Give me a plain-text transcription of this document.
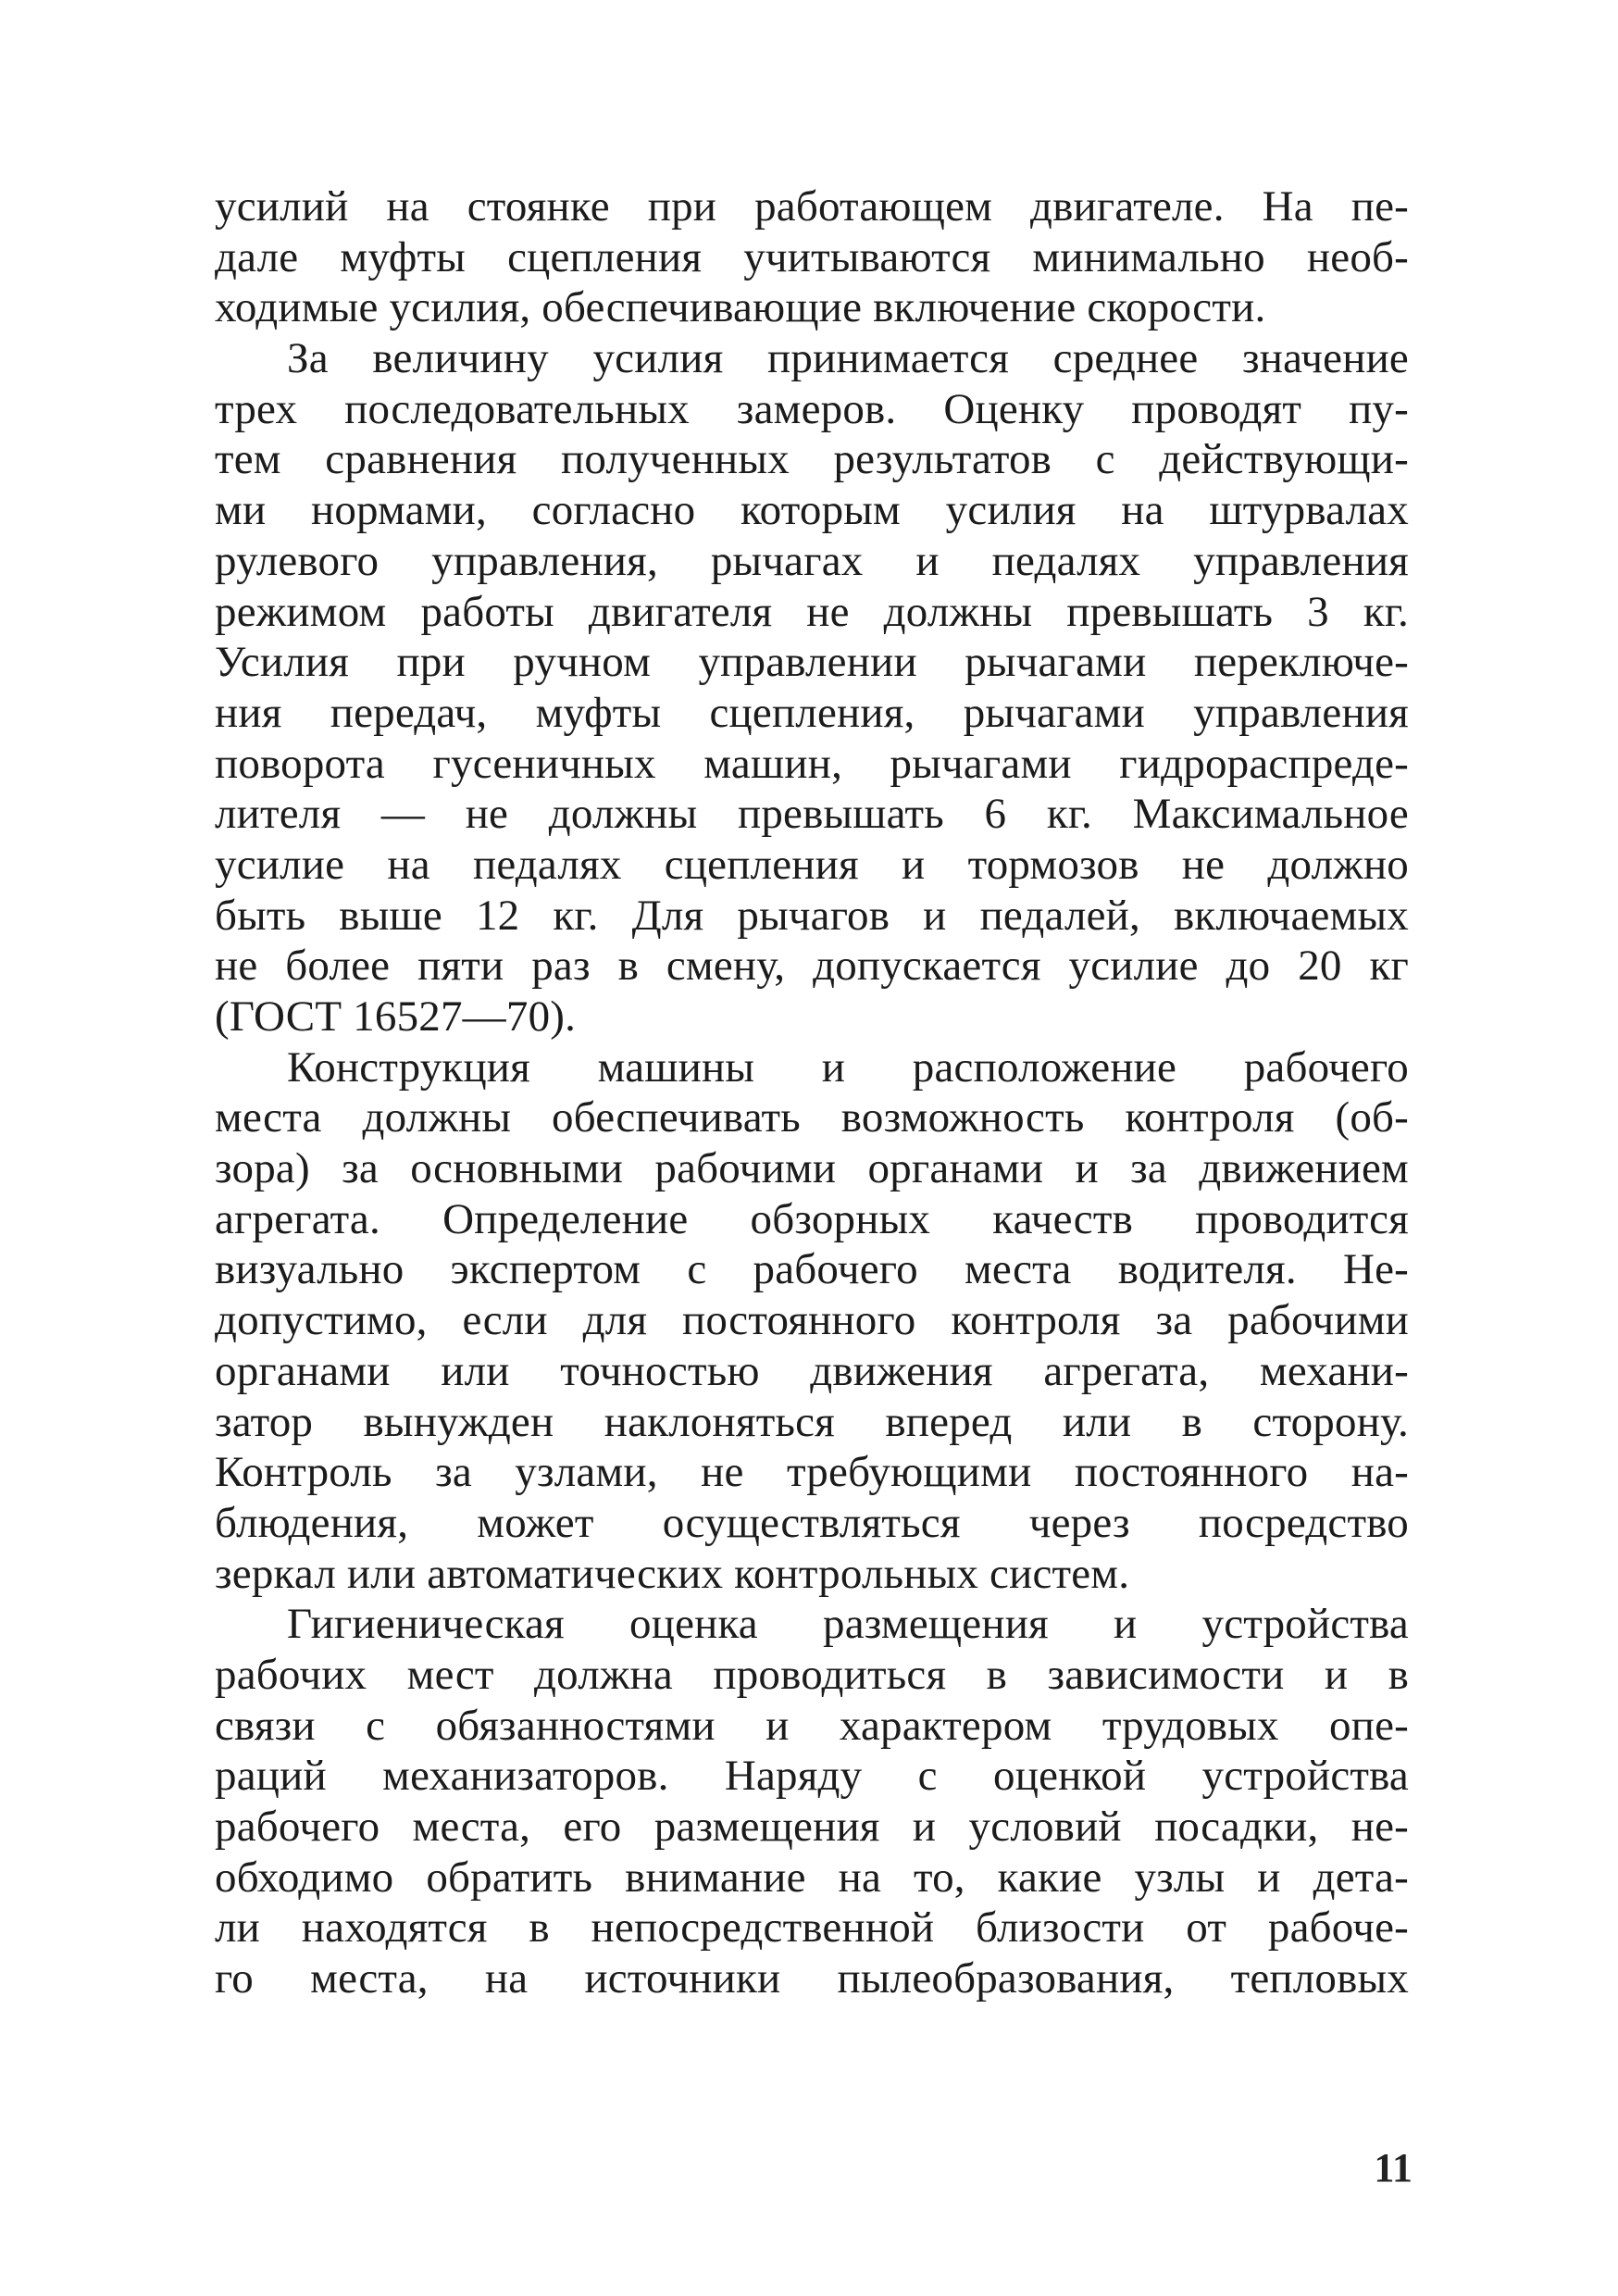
усилий на стоянке при работающем двигателе. На пе-
дале муфты сцепления учитываются минимально необ-
ходимые усилия, обеспечивающие включение скорости.
За величину усилия принимается среднее значение
трех последовательных замеров. Оценку проводят пу-
тем сравнения полученных результатов с действующи-
ми нормами, согласно которым усилия на штурвалах
рулевого управления, рычагах и педалях управления
режимом работы двигателя не должны превышать 3 кг.
Усилия при ручном управлении рычагами переключе-
ния передач, муфты сцепления, рычагами управления
поворота гусеничных машин, рычагами гидрораспреде-
лителя — не должны превышать 6 кг. Максимальное
усилие на педалях сцепления и тормозов не должно
быть выше 12 кг. Для рычагов и педалей, включаемых
не более пяти раз в смену, допускается усилие до 20 кг
(ГОСТ 16527—70).
Конструкция машины и расположение рабочего
места должны обеспечивать возможность контроля (об-
зора) за основными рабочими органами и за движением
агрегата. Определение обзорных качеств проводится
визуально экспертом с рабочего места водителя. Не-
допустимо, если для постоянного контроля за рабочими
органами или точностью движения агрегата, механи-
затор вынужден наклоняться вперед или в сторону.
Контроль за узлами, не требующими постоянного на-
блюдения, может осуществляться через посредство
зеркал или автоматических контрольных систем.
Гигиеническая оценка размещения и устройства
рабочих мест должна проводиться в зависимости и в
связи с обязанностями и характером трудовых опе-
раций механизаторов. Наряду с оценкой устройства
рабочего места, его размещения и условий посадки, не-
обходимо обратить внимание на то, какие узлы и дета-
ли находятся в непосредственной близости от рабоче-
го места, на источники пылеобразования, тепловых
11
